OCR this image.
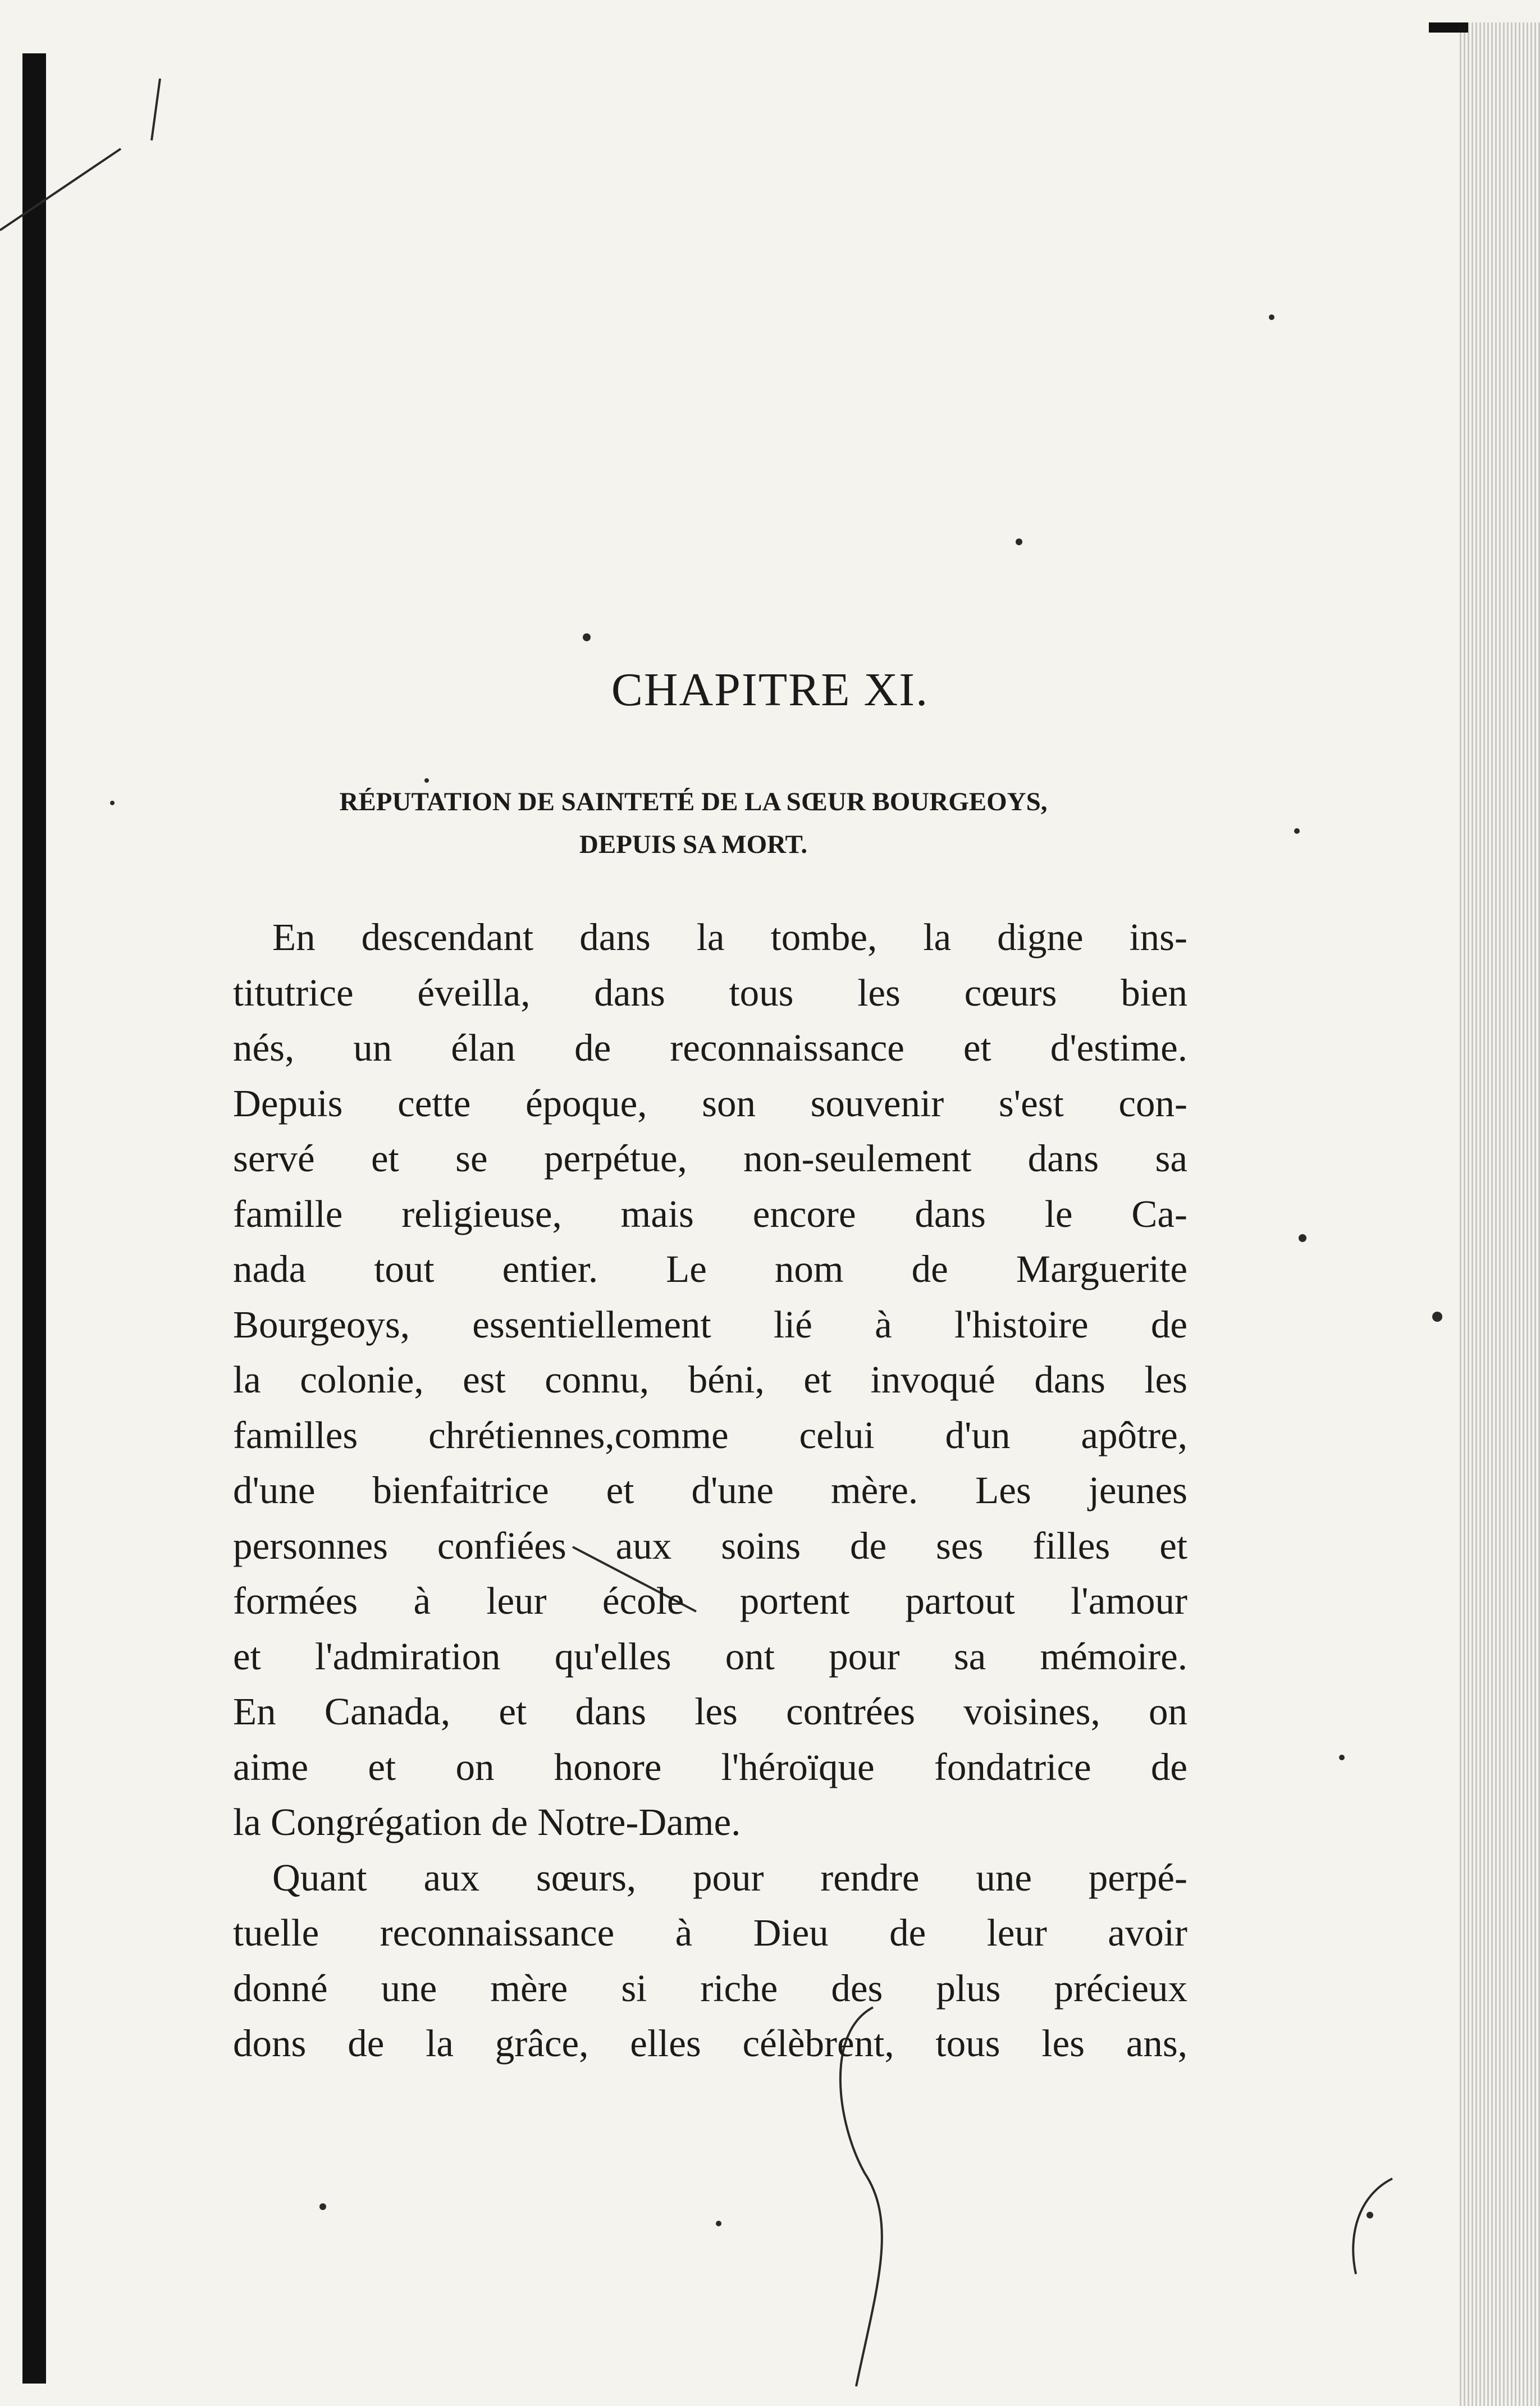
CHAPITRE XI.
RÉPUTATION DE SAINTETÉ DE LA SŒUR BOURGEOYS,
DEPUIS SA MORT.
En descendant dans la tombe, la digne ins-
titutrice éveilla, dans tous les cœurs bien
nés, un élan de reconnaissance et d'estime.
Depuis cette époque, son souvenir s'est con-
servé et se perpétue, non-seulement dans sa
famille religieuse, mais encore dans le Ca-
nada tout entier. Le nom de Marguerite
Bourgeoys, essentiellement lié à l'histoire de
la colonie, est connu, béni, et invoqué dans les
familles chrétiennes,comme celui d'un apôtre,
d'une bienfaitrice et d'une mère. Les jeunes
personnes confiées aux soins de ses filles et
formées à leur école portent partout l'amour
et l'admiration qu'elles ont pour sa mémoire.
En Canada, et dans les contrées voisines, on
aime et on honore l'héroïque fondatrice de
la Congrégation de Notre-Dame.
Quant aux sœurs, pour rendre une perpé-
tuelle reconnaissance à Dieu de leur avoir
donné une mère si riche des plus précieux
dons de la grâce, elles célèbrent, tous les ans,
